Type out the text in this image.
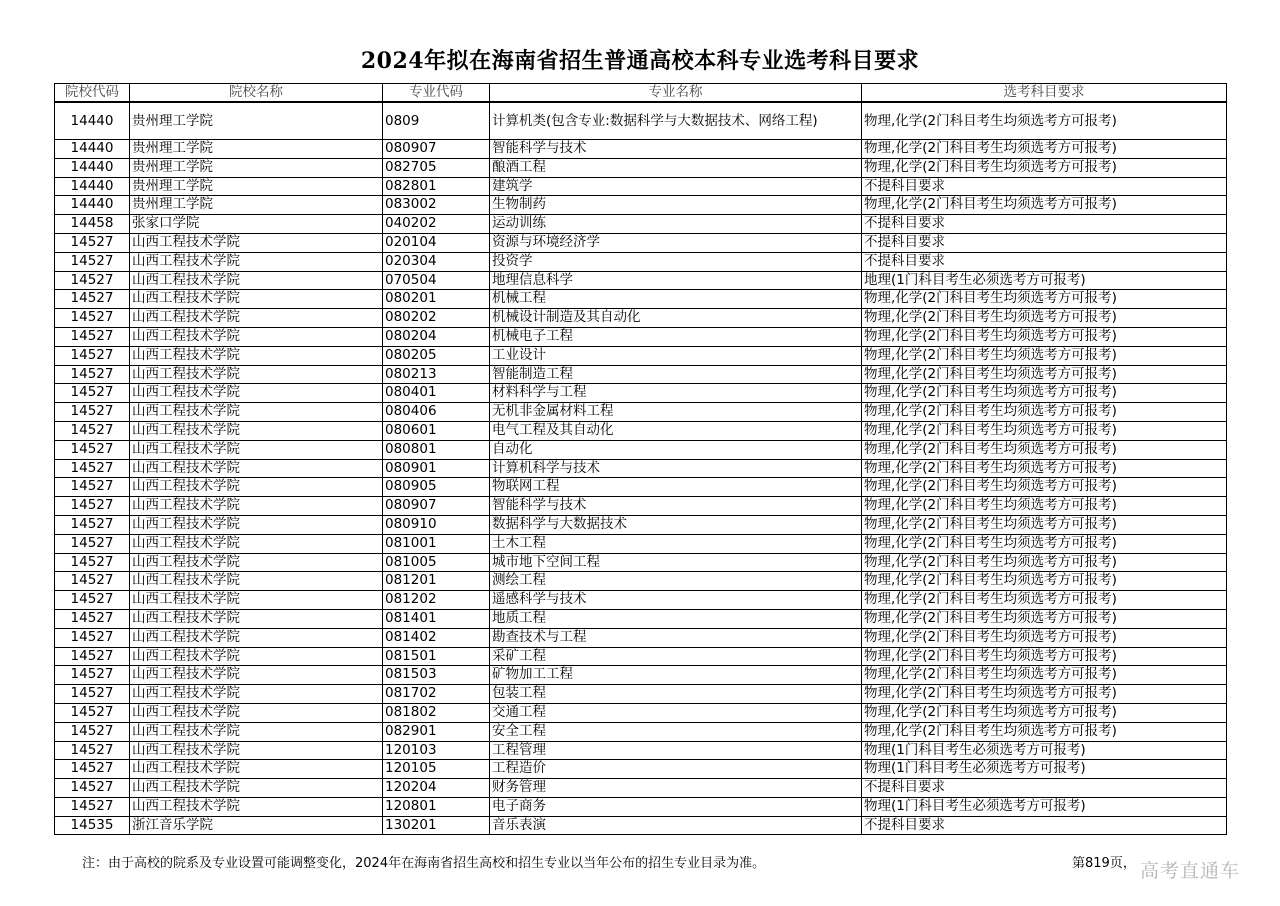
2024年拟在海南省招生普通高校本科专业选考科目要求
院校代码	院校名称	专业代码	专业名称	选考科目要求
14440	贵州理工学院	0809	计算机类(包含专业:数据科学与大数据技术、网络工程)	物理,化学(2门科目考生均须选考方可报考)
14440	贵州理工学院	080907	智能科学与技术	物理,化学(2门科目考生均须选考方可报考)
14440	贵州理工学院	082705	酿酒工程	物理,化学(2门科目考生均须选考方可报考)
14440	贵州理工学院	082801	建筑学	不提科目要求
14440	贵州理工学院	083002	生物制药	物理,化学(2门科目考生均须选考方可报考)
14458	张家口学院	040202	运动训练	不提科目要求
14527	山西工程技术学院	020104	资源与环境经济学	不提科目要求
14527	山西工程技术学院	020304	投资学	不提科目要求
14527	山西工程技术学院	070504	地理信息科学	地理(1门科目考生必须选考方可报考)
14527	山西工程技术学院	080201	机械工程	物理,化学(2门科目考生均须选考方可报考)
14527	山西工程技术学院	080202	机械设计制造及其自动化	物理,化学(2门科目考生均须选考方可报考)
14527	山西工程技术学院	080204	机械电子工程	物理,化学(2门科目考生均须选考方可报考)
14527	山西工程技术学院	080205	工业设计	物理,化学(2门科目考生均须选考方可报考)
14527	山西工程技术学院	080213	智能制造工程	物理,化学(2门科目考生均须选考方可报考)
14527	山西工程技术学院	080401	材料科学与工程	物理,化学(2门科目考生均须选考方可报考)
14527	山西工程技术学院	080406	无机非金属材料工程	物理,化学(2门科目考生均须选考方可报考)
14527	山西工程技术学院	080601	电气工程及其自动化	物理,化学(2门科目考生均须选考方可报考)
14527	山西工程技术学院	080801	自动化	物理,化学(2门科目考生均须选考方可报考)
14527	山西工程技术学院	080901	计算机科学与技术	物理,化学(2门科目考生均须选考方可报考)
14527	山西工程技术学院	080905	物联网工程	物理,化学(2门科目考生均须选考方可报考)
14527	山西工程技术学院	080907	智能科学与技术	物理,化学(2门科目考生均须选考方可报考)
14527	山西工程技术学院	080910	数据科学与大数据技术	物理,化学(2门科目考生均须选考方可报考)
14527	山西工程技术学院	081001	土木工程	物理,化学(2门科目考生均须选考方可报考)
14527	山西工程技术学院	081005	城市地下空间工程	物理,化学(2门科目考生均须选考方可报考)
14527	山西工程技术学院	081201	测绘工程	物理,化学(2门科目考生均须选考方可报考)
14527	山西工程技术学院	081202	遥感科学与技术	物理,化学(2门科目考生均须选考方可报考)
14527	山西工程技术学院	081401	地质工程	物理,化学(2门科目考生均须选考方可报考)
14527	山西工程技术学院	081402	勘查技术与工程	物理,化学(2门科目考生均须选考方可报考)
14527	山西工程技术学院	081501	采矿工程	物理,化学(2门科目考生均须选考方可报考)
14527	山西工程技术学院	081503	矿物加工工程	物理,化学(2门科目考生均须选考方可报考)
14527	山西工程技术学院	081702	包装工程	物理,化学(2门科目考生均须选考方可报考)
14527	山西工程技术学院	081802	交通工程	物理,化学(2门科目考生均须选考方可报考)
14527	山西工程技术学院	082901	安全工程	物理,化学(2门科目考生均须选考方可报考)
14527	山西工程技术学院	120103	工程管理	物理(1门科目考生必须选考方可报考)
14527	山西工程技术学院	120105	工程造价	物理(1门科目考生必须选考方可报考)
14527	山西工程技术学院	120204	财务管理	不提科目要求
14527	山西工程技术学院	120801	电子商务	物理(1门科目考生必须选考方可报考)
14535	浙江音乐学院	130201	音乐表演	不提科目要求
注：由于高校的院系及专业设置可能调整变化，2024年在海南省招生高校和招生专业以当年公布的招生专业目录为准。	第819页， 高考直通车
